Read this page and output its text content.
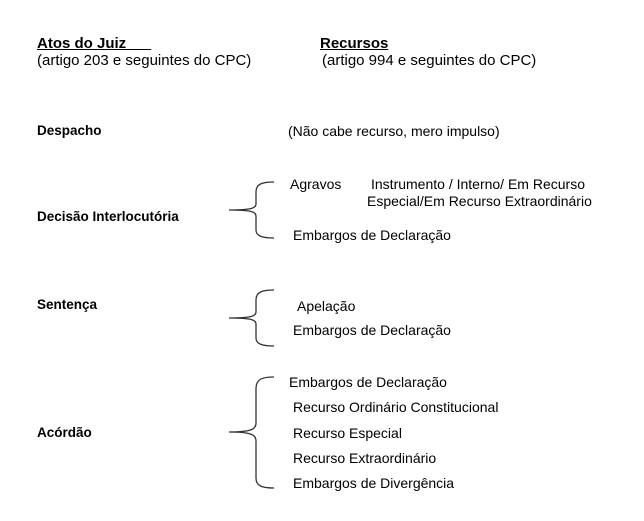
Atos do Juiz
(artigo 203 e seguintes do CPC)
Recursos
(artigo 994 e seguintes do CPC)
Despacho	(Não cabe recurso, mero impulso)
Decisão Interlocutória
Agravos Instrumento / Interno/ Em Recurso
Especial/Em Recurso Extraordinário
Embargos de Declaração
Sentença	Apelação
Embargos de Declaração
Acórdão
Embargos de Declaração
Recurso Ordinário Constitucional
Recurso Especial
Recurso Extraordinário
Embargos de Divergência
